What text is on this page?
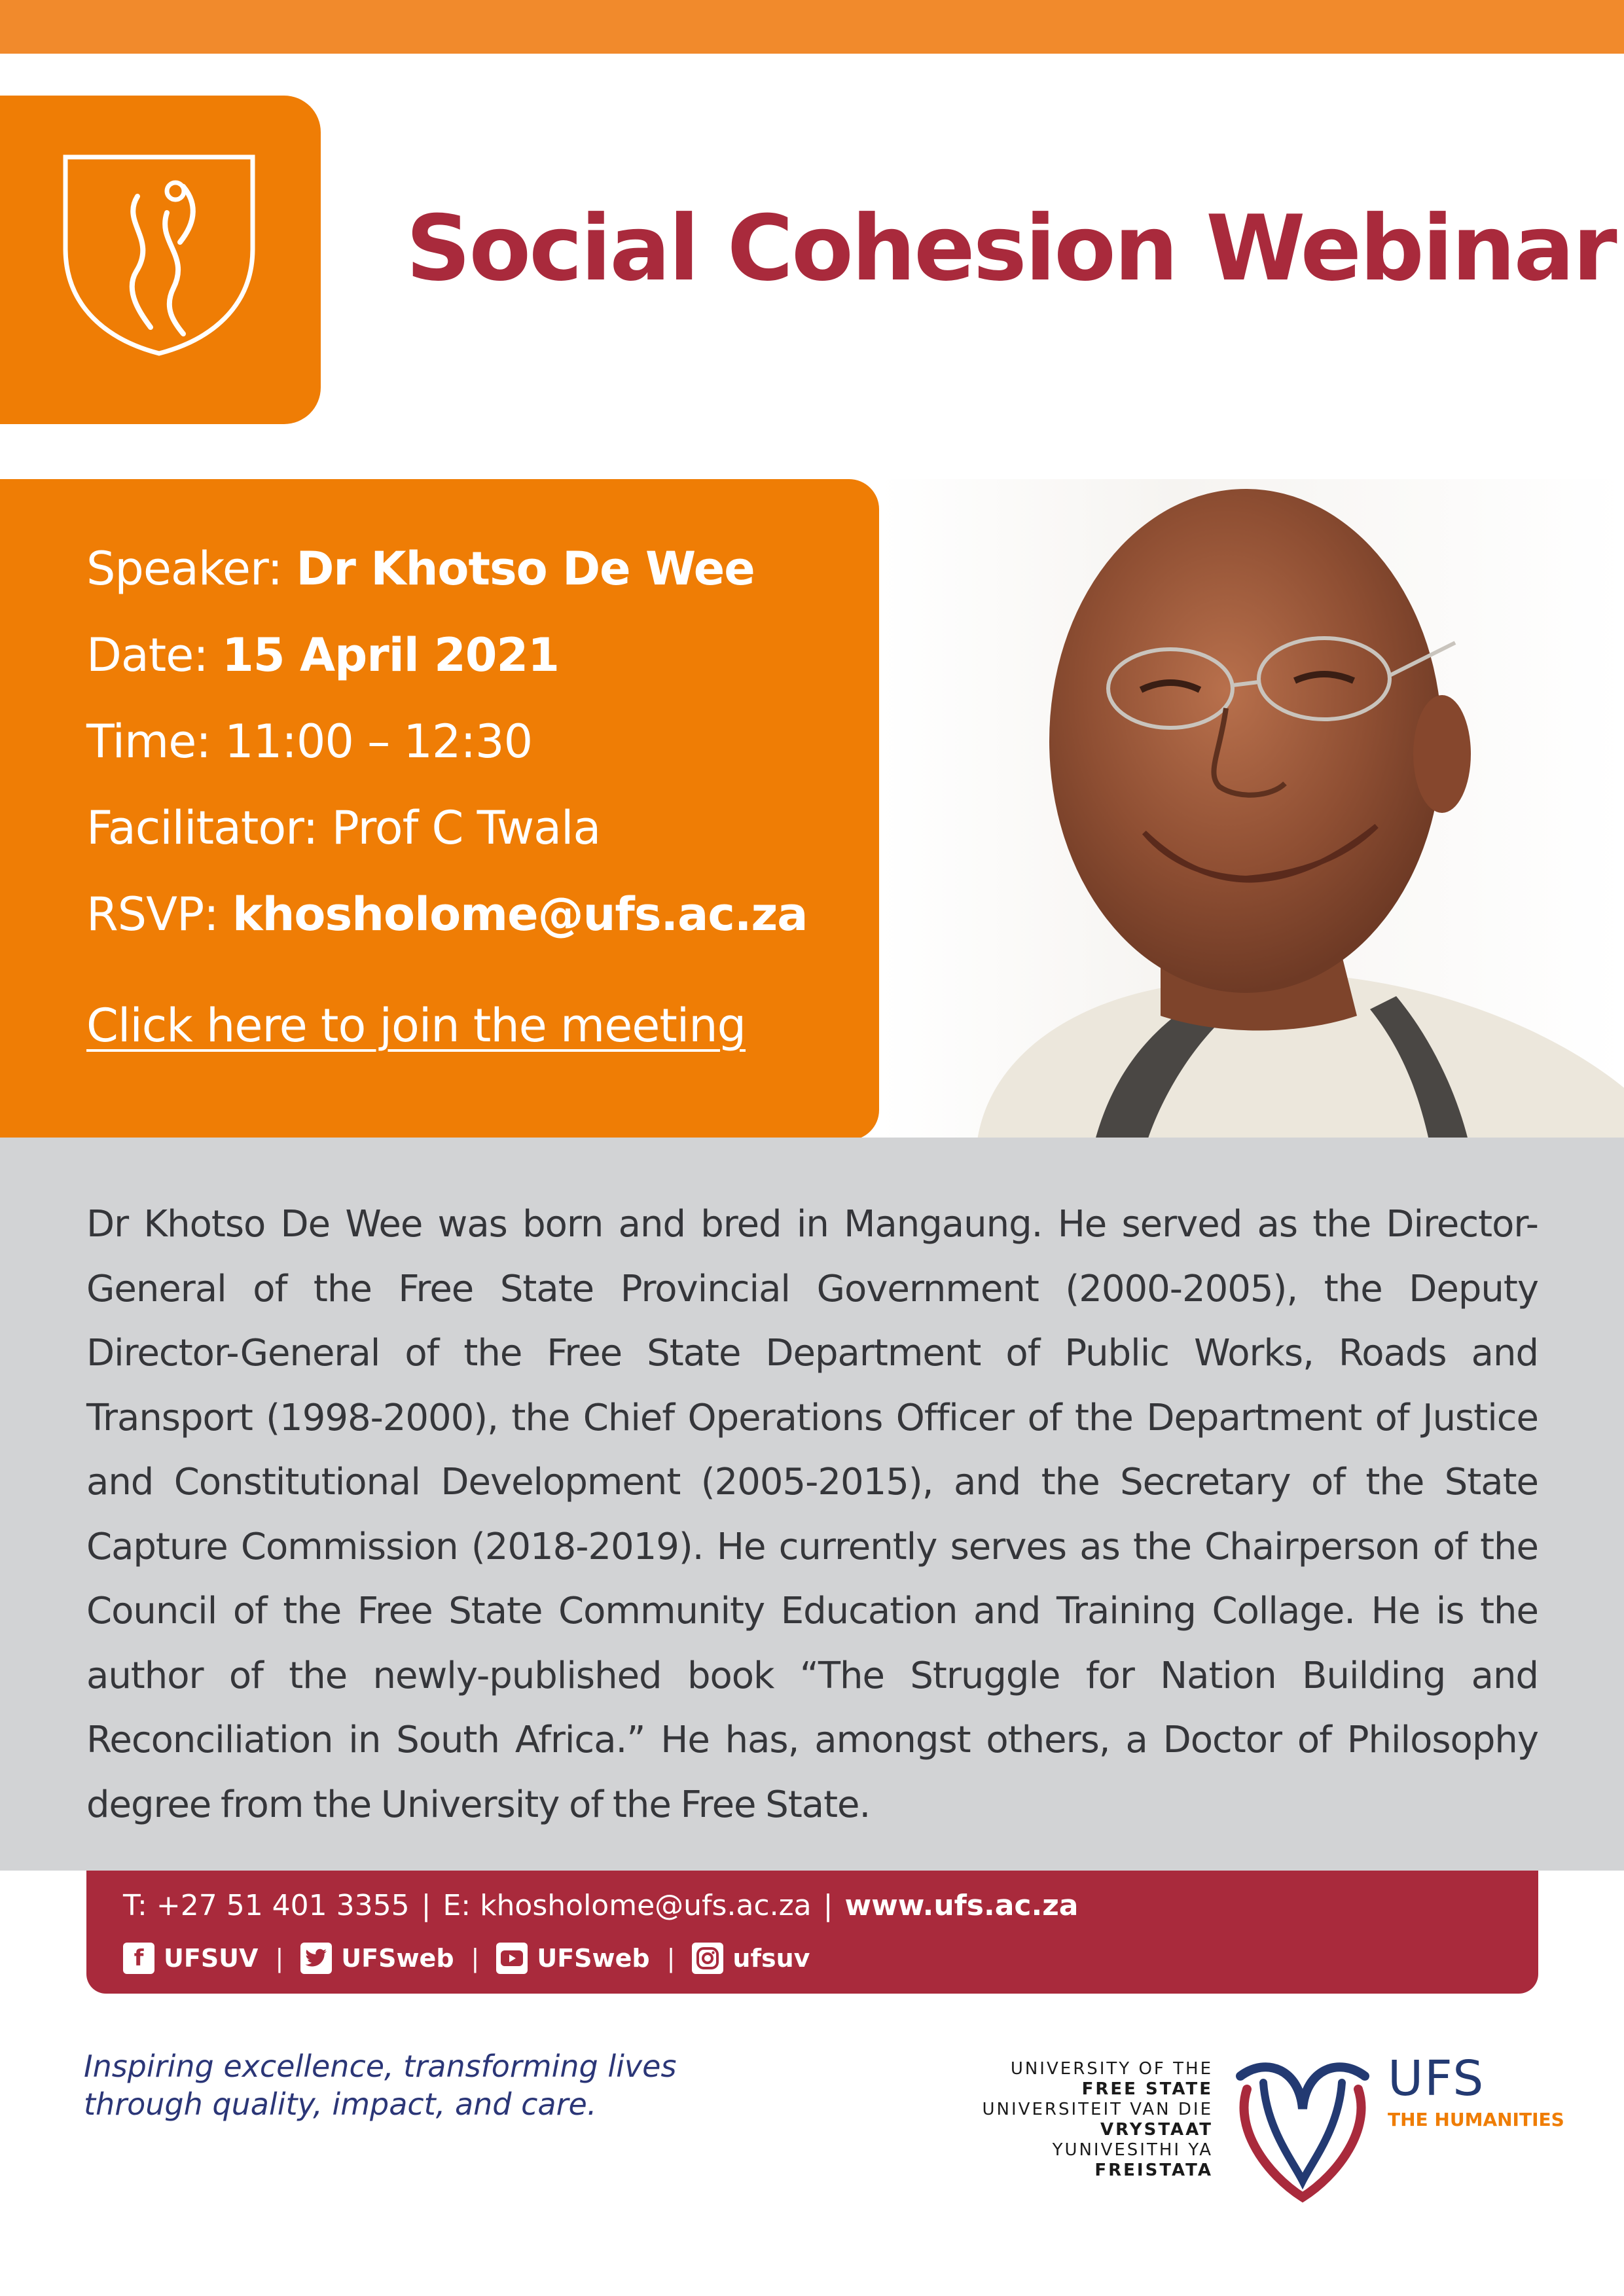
Social Cohesion Webinar
Speaker: Dr Khotso De Wee
Date: 15 April 2021
Time: 11:00 – 12:30
Facilitator: Prof C Twala
RSVP: khosholome@ufs.ac.za
Click here to join the meeting

Dr Khotso De Wee was born and bred in Mangaung. He served as the Director-General of the Free State Provincial Government (2000-2005), the Deputy Director-General of the Free State Department of Public Works, Roads and Transport (1998-2000), the Chief Operations Officer of the Department of Justice and Constitutional Development (2005-2015), and the Secretary of the State Capture Commission (2018-2019). He currently serves as the Chairperson of the Council of the Free State Community Education and Training Collage. He is the author of the newly-published book “The Struggle for Nation Building and Reconciliation in South Africa.” He has, amongst others, a Doctor of Philosophy degree from the University of the Free State.

T: +27 51 401 3355 | E: khosholome@ufs.ac.za | www.ufs.ac.za
f UFSUV | UFSweb | UFSweb | ufsuv

Inspiring excellence, transforming lives
through quality, impact, and care.

UNIVERSITY OF THE
FREE STATE
UNIVERSITEIT VAN DIE
VRYSTAAT
YUNIVESITHI YA
FREISTATA
UFS
THE HUMANITIES
